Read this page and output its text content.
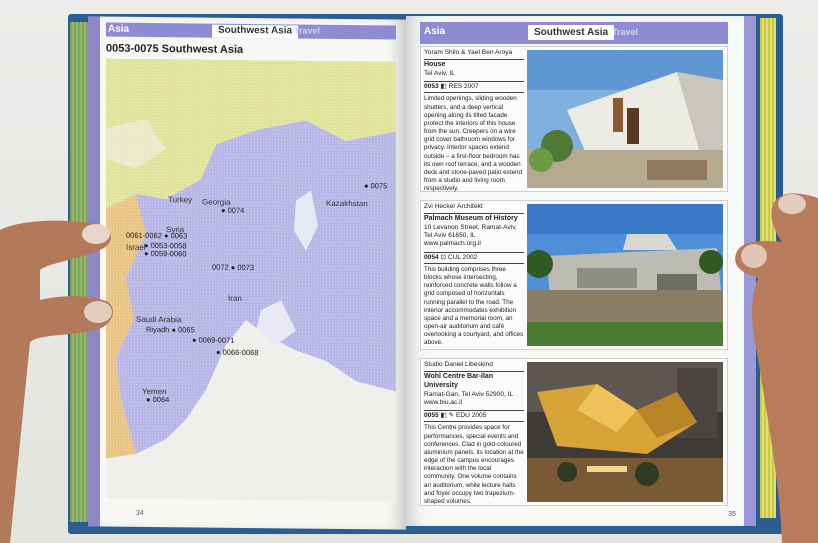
Asia	Southwest Asia Travel
0053-0075 Southwest Asia
Turkey Georgia	Kazakhstan
Syria
Israel
Iran
Saudi Arabia
Yemen
● 0075
● 0074
0061-0062 ● 0063
● 0053-0058
● 0059-0060
0072 ● 0073
Riyadh ● 0065
● 0069-0071
● 0066-0068
● 0064
34
Asia	Southwest Asia Travel
Yoram Shilo & Yael Ben Aroya
House
Tel Aviv, IL
0053 ◧ RES 2007
Limited openings, sliding wooden shutters, and a deep vertical opening along its tilted facade protect the interiors of this house from the sun. Creepers on a wire grid cover bathroom windows for privacy. Interior spaces extend outside – a first-floor bedroom has its own roof terrace, and a wooden deck and stone-paved patio extend from a studio and living room respectively.
Zvi Hecker Architekt
Palmach Museum of History
10 Levanon Street, Ramat-Aviv, Tel Aviv 61650, IL www.palmach.org.il
0054 ⊡ CUL 2002
This building comprises three blocks whose intersecting, reinforced concrete walls follow a grid composed of horizontals running parallel to the road. The interior accommodates exhibition space and a memorial room, an open-air auditorium and café overlooking a courtyard, and offices above.
Studio Daniel Libeskind
Wohl Centre Bar-Ilan University
Ramat-Gan, Tel Aviv 52900, IL www.biu.ac.il
0055 ◧ ✎ EDU 2005
This Centre provides space for performances, special events and conferences. Clad in gold-coloured aluminium panels, its location at the edge of the campus encourages interaction with the local community. One volume contains an auditorium, while lecture halls and foyer occupy two trapezium-shaped volumes.
35
